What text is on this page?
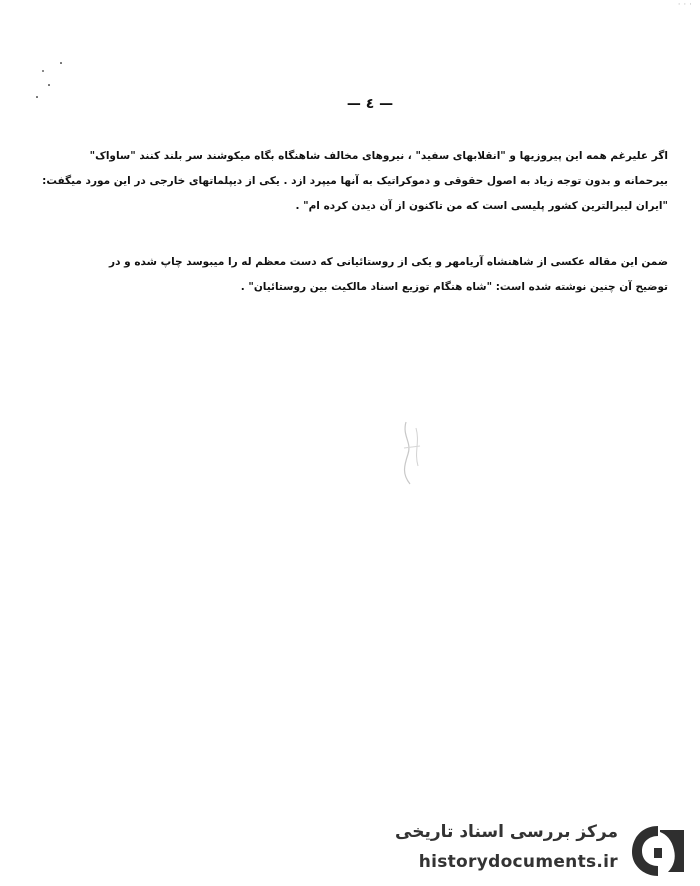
· · ·
— ٤ —
اگر علیرغم همه این پیروزیها و "انقلابهای سفید" ، نیروهای مخالف شاهنگاه بگاه میکوشند سر بلند کنند "ساواک"
بیرحمانه و بدون توجه زیاد به اصول حقوقی و دموکراتیک به آنها میپرد ازد . یکی از دیپلماتهای خارجی در این مورد میگفت:
"ایران لیبرالترین کشور پلیسی است که من تاکنون از آن دیدن کرده ام" .
ضمن این مقاله عکسی از شاهنشاه آریامهر و یکی از روستائیانی که دست معظم له را میبوسد چاپ شده و در
توضیح آن چنین نوشته شده است: "شاه هنگام توزیع اسناد مالکیت بین روستائیان" .
مرکز بررسی اسناد تاریخی
historydocuments.ir
